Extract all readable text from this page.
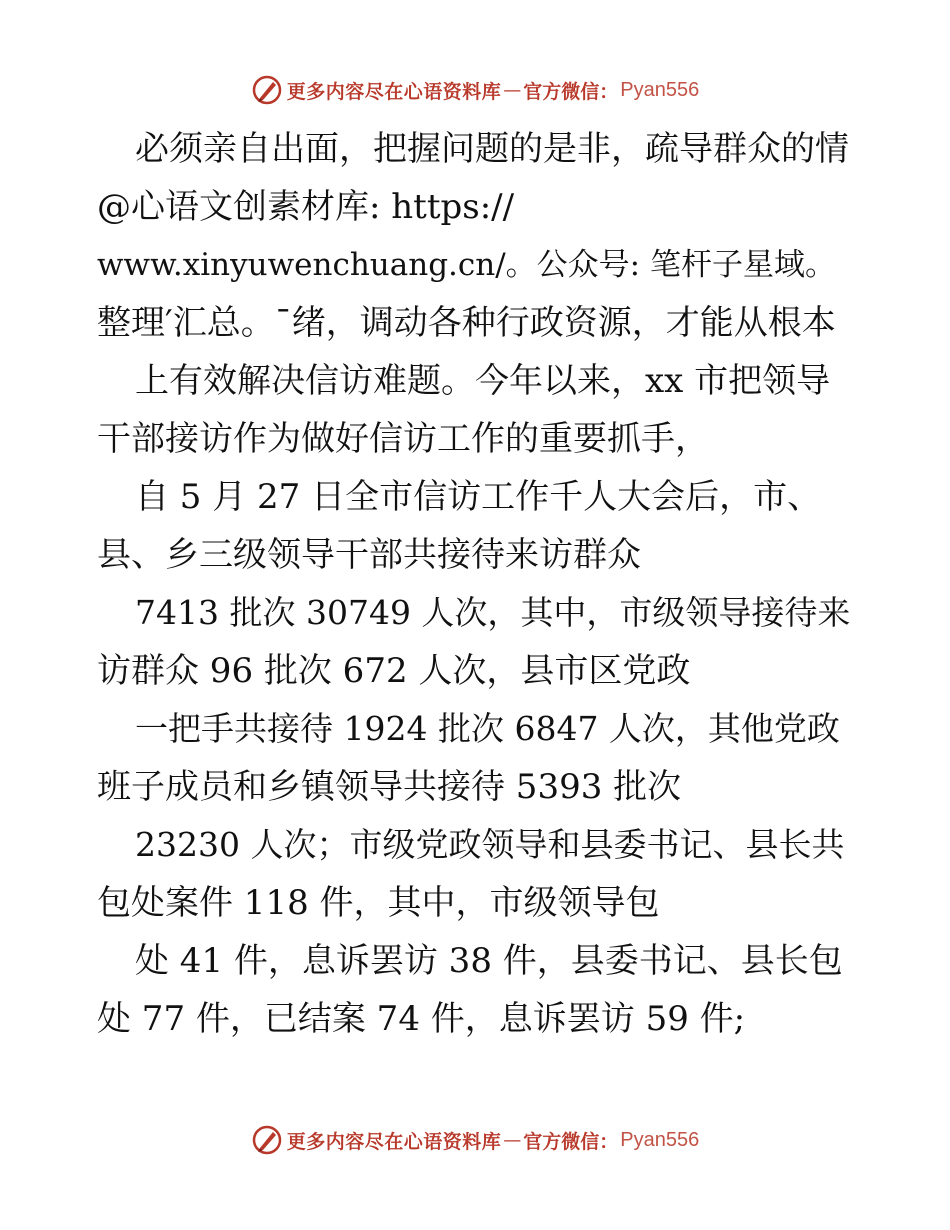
更多内容尽在心语资料库 — 官方微信： Pyan556
必须亲自出面，把握问题的是非，疏导群众的情
@心语文创素材库: https://
www.xinyuwenchuang.cn/。公众号: 笔杆子星域。
整理′汇总。¯绪，调动各种行政资源，才能从根本
上有效解决信访难题。今年以来，xx 市把领导
干部接访作为做好信访工作的重要抓手，
自 5 月 27 日全市信访工作千人大会后，市、
县、乡三级领导干部共接待来访群众
7413 批次 30749 人次，其中，市级领导接待来
访群众 96 批次 672 人次，县市区党政
一把手共接待 1924 批次 6847 人次，其他党政
班子成员和乡镇领导共接待 5393 批次
23230 人次；市级党政领导和县委书记、县长共
包处案件 118 件，其中，市级领导包
处 41 件，息诉罢访 38 件，县委书记、县长包
处 77 件，已结案 74 件，息诉罢访 59 件;
更多内容尽在心语资料库 — 官方微信： Pyan556
